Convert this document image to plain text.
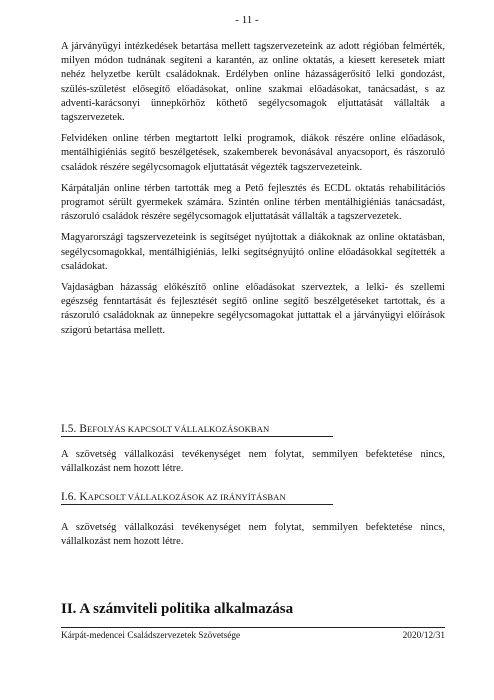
- 11 -

A járványügyi intézkedések betartása mellett tagszervezeteink az adott régióban felmérték, milyen módon tudnának segíteni a karantén, az online oktatás, a kiesett keresetek miatt nehéz helyzetbe került családoknak. Erdélyben online házasságerősítő lelki gondozást, szülés-születést elősegítő előadásokat, online szakmai előadásokat, tanácsadást, s az adventi-karácsonyi ünnepkörhöz köthető segélycsomagok eljuttatását vállalták a tagszervezetek.

Felvidéken online térben megtartott lelki programok, diákok részére online előadások, mentálhigiéniás segítő beszélgetések, szakemberek bevonásával anyacsoport, és rászoruló családok részére segélycsomagok eljuttatását végezték tagszervezeteink.

Kárpátalján online térben tartották meg a Pető fejlesztés és ECDL oktatás rehabilitációs programot sérült gyermekek számára. Szintén online térben mentálhigiéniás tanácsadást, rászoruló családok részére segélycsomagok eljuttatását vállalták a tagszervezetek.

Magyarországi tagszervezeteink is segítséget nyújtottak a diákoknak az online oktatásban, segélycsomagokkal, mentálhigiéniás, lelki segítségnyújtó online előadásokkal segítették a családokat.

Vajdaságban házasság előkészítő online előadásokat szerveztek, a lelki- és szellemi egészség fenntartását és fejlesztését segítő online segítő beszélgetéseket tartottak, és a rászoruló családoknak az ünnepekre segélycsomagokat juttattak el a járványügyi előírások szigorú betartása mellett.

I.5. BEFOLYÁS KAPCSOLT VÁLLALKOZÁSOKBAN

A szövetség vállalkozási tevékenységet nem folytat, semmilyen befektetése nincs, vállalkozást nem hozott létre.

I.6. KAPCSOLT VÁLLALKOZÁSOK AZ IRÁNYÍTÁSBAN

A szövetség vállalkozási tevékenységet nem folytat, semmilyen befektetése nincs, vállalkozást nem hozott létre.

II. A számviteli politika alkalmazása
Kárpát-medencei Családszervezetek Szövetsége	2020/12/31
